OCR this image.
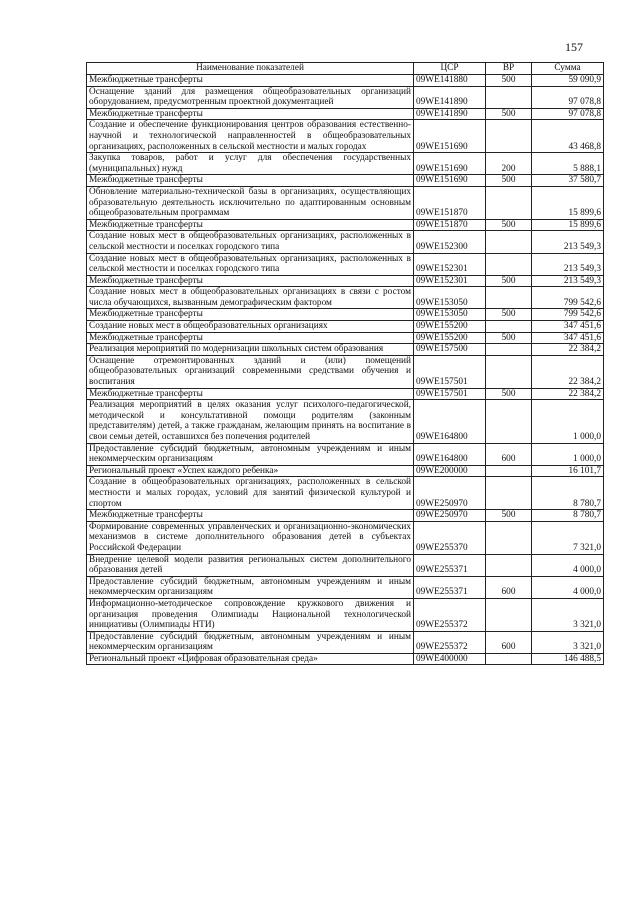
157
Наименование показателей	ЦСР	ВР	Сумма
Межбюджетные трансферты	09WE141880	500	59 090,9
Оснащение зданий для размещения общеобразовательных организаций оборудованием, предусмотренным проектной документацией	09WE141890		97 078,8
Межбюджетные трансферты	09WE141890	500	97 078,8
Создание и обеспечение функционирования центров образования естественно-научной и технологической направленностей в общеобразовательных организациях, расположенных в сельской местности и малых городах	09WE151690		43 468,8
Закупка товаров, работ и услуг для обеспечения государственных (муниципальных) нужд	09WE151690	200	5 888,1
Межбюджетные трансферты	09WE151690	500	37 580,7
Обновление материально-технической базы в организациях, осуществляющих образовательную деятельность исключительно по адаптированным основным общеобразовательным программам	09WE151870		15 899,6
Межбюджетные трансферты	09WE151870	500	15 899,6
Создание новых мест в общеобразовательных организациях, расположенных в сельской местности и поселках городского типа	09WE152300		213 549,3
Создание новых мест в общеобразовательных организациях, расположенных в сельской местности и поселках городского типа	09WE152301		213 549,3
Межбюджетные трансферты	09WE152301	500	213 549,3
Создание новых мест в общеобразовательных организациях в связи с ростом числа обучающихся, вызванным демографическим фактором	09WE153050		799 542,6
Межбюджетные трансферты	09WE153050	500	799 542,6
Создание новых мест в общеобразовательных организациях	09WE155200		347 451,6
Межбюджетные трансферты	09WE155200	500	347 451,6
Реализация мероприятий по модернизации школьных систем образования	09WE157500		22 384,2
Оснащение отремонтированных зданий и (или) помещений общеобразовательных организаций современными средствами обучения и воспитания	09WE157501		22 384,2
Межбюджетные трансферты	09WE157501	500	22 384,2
Реализация мероприятий в целях оказания услуг психолого-педагогической, методической и консультативной помощи родителям (законным представителям) детей, а также гражданам, желающим принять на воспитание в свои семьи детей, оставшихся без попечения родителей	09WE164800		1 000,0
Предоставление субсидий бюджетным, автономным учреждениям и иным некоммерческим организациям	09WE164800	600	1 000,0
Региональный проект «Успех каждого ребенка»	09WE200000		16 101,7
Создание в общеобразовательных организациях, расположенных в сельской местности и малых городах, условий для занятий физической культурой и спортом	09WE250970		8 780,7
Межбюджетные трансферты	09WE250970	500	8 780,7
Формирование современных управленческих и организационно-экономических механизмов в системе дополнительного образования детей в субъектах Российской Федерации	09WE255370		7 321,0
Внедрение целевой модели развития региональных систем дополнительного образования детей	09WE255371		4 000,0
Предоставление субсидий бюджетным, автономным учреждениям и иным некоммерческим организациям	09WE255371	600	4 000,0
Информационно-методическое сопровождение кружкового движения и организация проведения Олимпиады Национальной технологической инициативы (Олимпиады НТИ)	09WE255372		3 321,0
Предоставление субсидий бюджетным, автономным учреждениям и иным некоммерческим организациям	09WE255372	600	3 321,0
Региональный проект «Цифровая образовательная среда»	09WE400000		146 488,5
